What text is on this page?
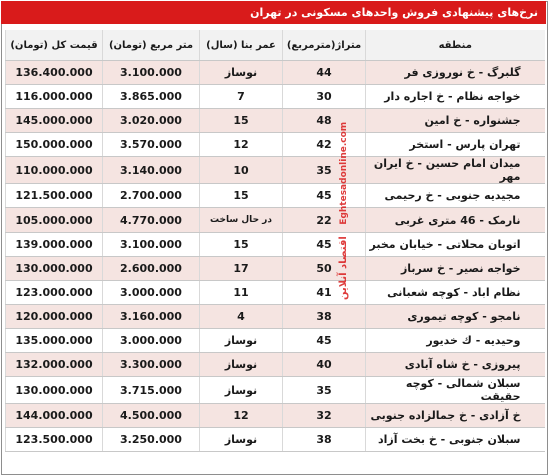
نرخ‌های پیشنهادی فروش واحدهای مسکونی در تهران
قیمت کل (تومان)	متر مربع (تومان)	عمر بنا (سال)	متراژ(مترمربع)	منطقه
136.400.000	3.100.000	نوساز	44	گلبرگ - خ نوروزی فر
116.000.000	3.865.000	7	30	خواجه نظام - خ اجاره دار
145.000.000	3.020.000	15	48	جشنواره - خ امین
150.000.000	3.570.000	12	42	تهران پارس - استخر
110.000.000	3.140.000	10	35	میدان امام حسین - خ ایران مهر
121.500.000	2.700.000	15	45	مجیدیه جنوبی - خ رحیمی
105.000.000	4.770.000	در حال ساخت	22	نارمک - 46 متری غربی
139.000.000	3.100.000	15	45	اتوبان محلاتی - خیابان مخبر
130.000.000	2.600.000	17	50	خواجه نصیر - خ سرباز
123.000.000	3.000.000	11	41	نظام اباد - کوچه شعبانی
120.000.000	3.160.000	4	38	نامجو - کوچه تیموری
135.000.000	3.000.000	نوساز	45	وحیدیه - ك خدیور
132.000.000	3.300.000	نوساز	40	پیروزی - خ شاه آبادی
130.000.000	3.715.000	نوساز	35	سبلان شمالی - کوچه حقیقت
144.000.000	4.500.000	12	32	خ آزادی - خ جمالزاده جنوبی
123.500.000	3.250.000	نوساز	38	سبلان جنوبی - خ بخت آزاد
اقتصاد آنلاین Eghtesadonline.com
